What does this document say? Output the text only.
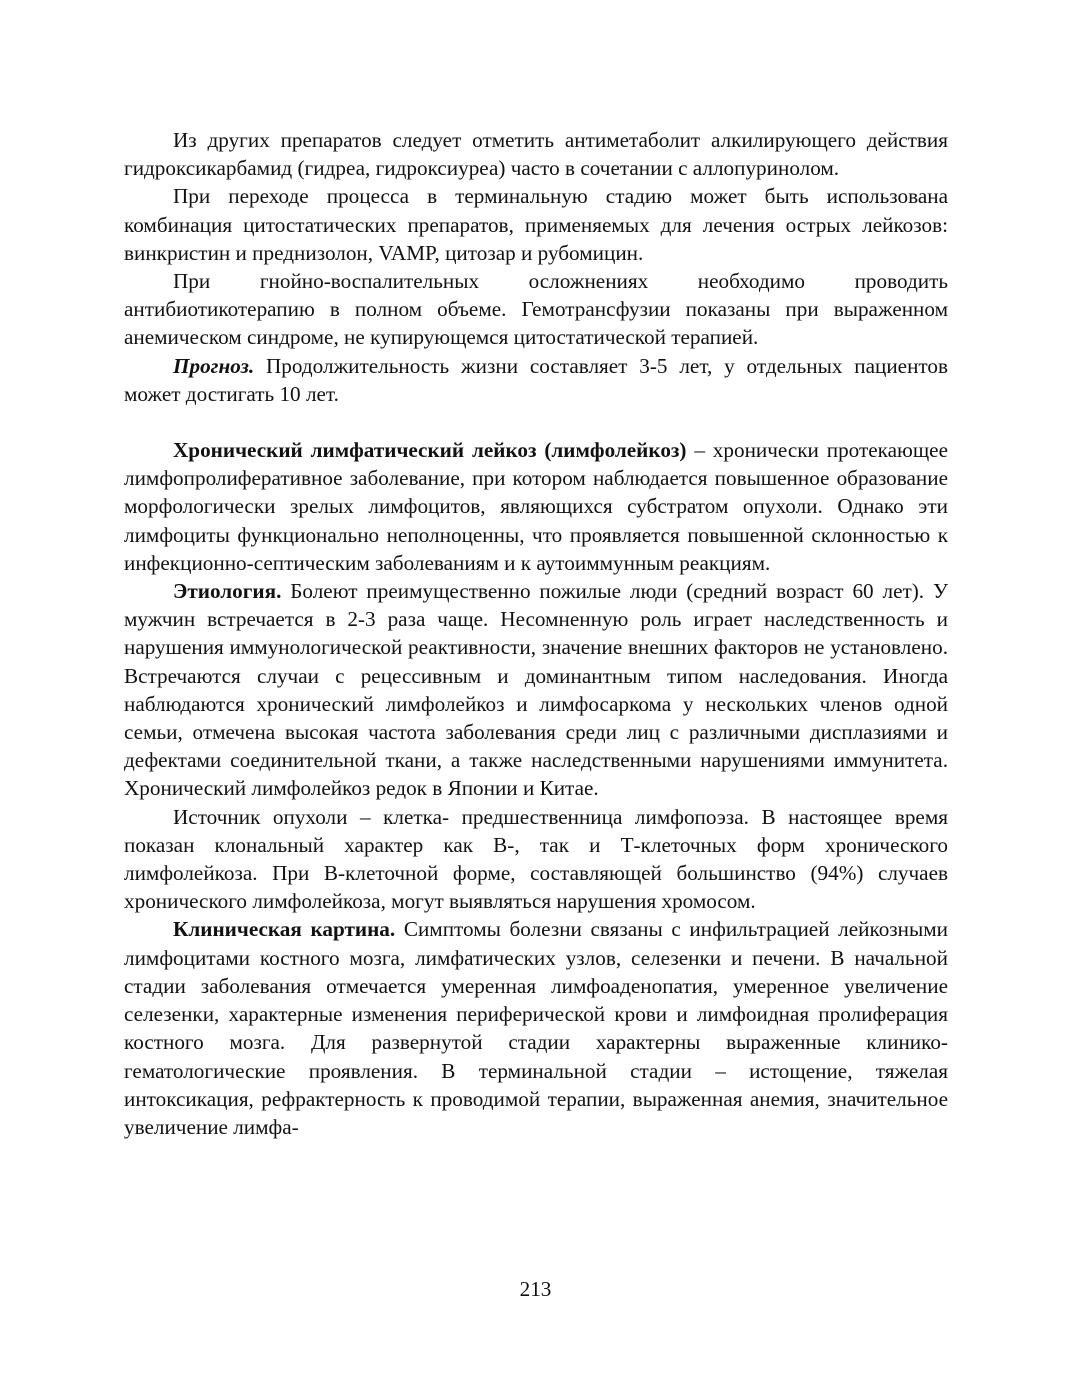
Из других препаратов следует отметить антиметаболит алкилирующего действия гидроксикарбамид (гидреа, гидроксиуреа) часто в сочетании с аллопуринолом.

При переходе процесса в терминальную стадию может быть использована комбинация цитостатических препаратов, применяемых для лечения острых лейкозов: винкристин и преднизолон, VAMP, цитозар и рубомицин.

При гнойно-воспалительных осложнениях необходимо проводить антибиотикотерапию в полном объеме. Гемотрансфузии показаны при выраженном анемическом синдроме, не купирующемся цитостатической терапией.

Прогноз. Продолжительность жизни составляет 3-5 лет, у отдельных пациентов может достигать 10 лет.

Хронический лимфатический лейкоз (лимфолейкоз) – хронически протекающее лимфопролиферативное заболевание, при котором наблюдается повышенное образование морфологически зрелых лимфоцитов, являющихся субстратом опухоли. Однако эти лимфоциты функционально неполноценны, что проявляется повышенной склонностью к инфекционно-септическим заболеваниям и к аутоиммунным реакциям.

Этиология. Болеют преимущественно пожилые люди (средний возраст 60 лет). У мужчин встречается в 2-3 раза чаще. Несомненную роль играет наследственность и нарушения иммунологической реактивности, значение внешних факторов не установлено. Встречаются случаи с рецессивным и доминантным типом наследования. Иногда наблюдаются хронический лимфолейкоз и лимфосаркома у нескольких членов одной семьи, отмечена высокая частота заболевания среди лиц с различными дисплазиями и дефектами соединительной ткани, а также наследственными нарушениями иммунитета. Хронический лимфолейкоз редок в Японии и Китае.

Источник опухоли – клетка- предшественница лимфопоэза. В настоящее время показан клональный характер как В-, так и Т-клеточных форм хронического лимфолейкоза. При В-клеточной форме, составляющей большинство (94%) случаев хронического лимфолейкоза, могут выявляться нарушения хромосом.

Клиническая картина. Симптомы болезни связаны с инфильтрацией лейкозными лимфоцитами костного мозга, лимфатических узлов, селезенки и печени. В начальной стадии заболевания отмечается умеренная лимфоаденопатия, умеренное увеличение селезенки, характерные изменения периферической крови и лимфоидная пролиферация костного мозга. Для развернутой стадии характерны выраженные клинико-гематологические проявления. В терминальной стадии – истощение, тяжелая интоксикация, рефрактерность к проводимой терапии, выраженная анемия, значительное увеличение лимфа-

213
